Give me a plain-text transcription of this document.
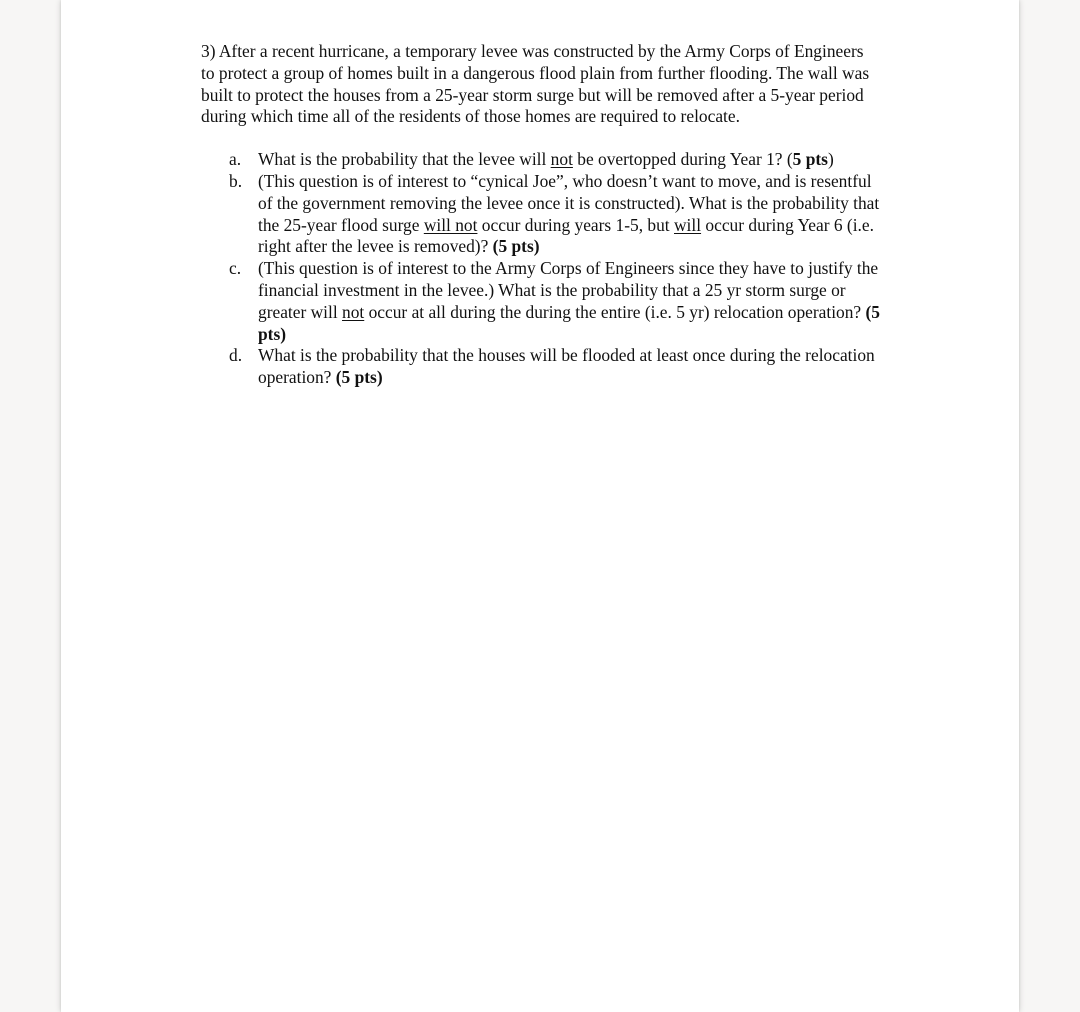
3) After a recent hurricane, a temporary levee was constructed by the Army Corps of Engineers to protect a group of homes built in a dangerous flood plain from further flooding. The wall was built to protect the houses from a 25-year storm surge but will be removed after a 5-year period during which time all of the residents of those homes are required to relocate.

a. What is the probability that the levee will not be overtopped during Year 1? (5 pts)
b. (This question is of interest to “cynical Joe”, who doesn’t want to move, and is resentful of the government removing the levee once it is constructed). What is the probability that the 25-year flood surge will not occur during years 1-5, but will occur during Year 6 (i.e. right after the levee is removed)? (5 pts)
c. (This question is of interest to the Army Corps of Engineers since they have to justify the financial investment in the levee.) What is the probability that a 25 yr storm surge or greater will not occur at all during the during the entire (i.e. 5 yr) relocation operation? (5 pts)
d. What is the probability that the houses will be flooded at least once during the relocation operation? (5 pts)
